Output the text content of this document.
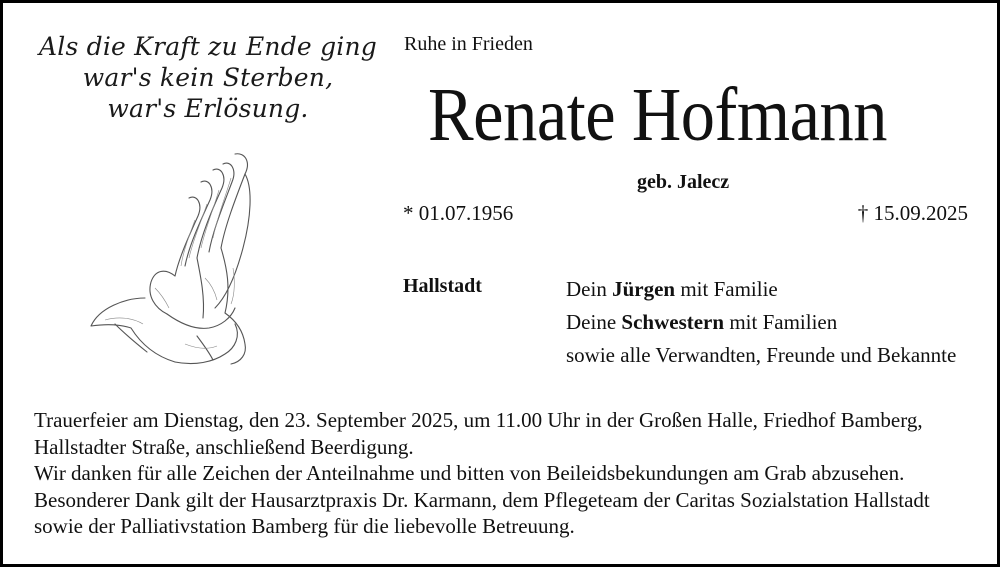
Als die Kraft zu Ende ging
war's kein Sterben,
war's Erlösung.
Ruhe in Frieden
Renate Hofmann
geb. Jalecz
* 01.07.1956	† 15.09.2025
Hallstadt	Dein Jürgen mit Familie
Deine Schwestern mit Familien
sowie alle Verwandten, Freunde und Bekannte
Trauerfeier am Dienstag, den 23. September 2025, um 11.00 Uhr in der Großen Halle, Friedhof Bamberg,
Hallstadter Straße, anschließend Beerdigung.
Wir danken für alle Zeichen der Anteilnahme und bitten von Beileidsbekundungen am Grab abzusehen.
Besonderer Dank gilt der Hausarztpraxis Dr. Karmann, dem Pflegeteam der Caritas Sozialstation Hallstadt
sowie der Palliativstation Bamberg für die liebevolle Betreuung.
